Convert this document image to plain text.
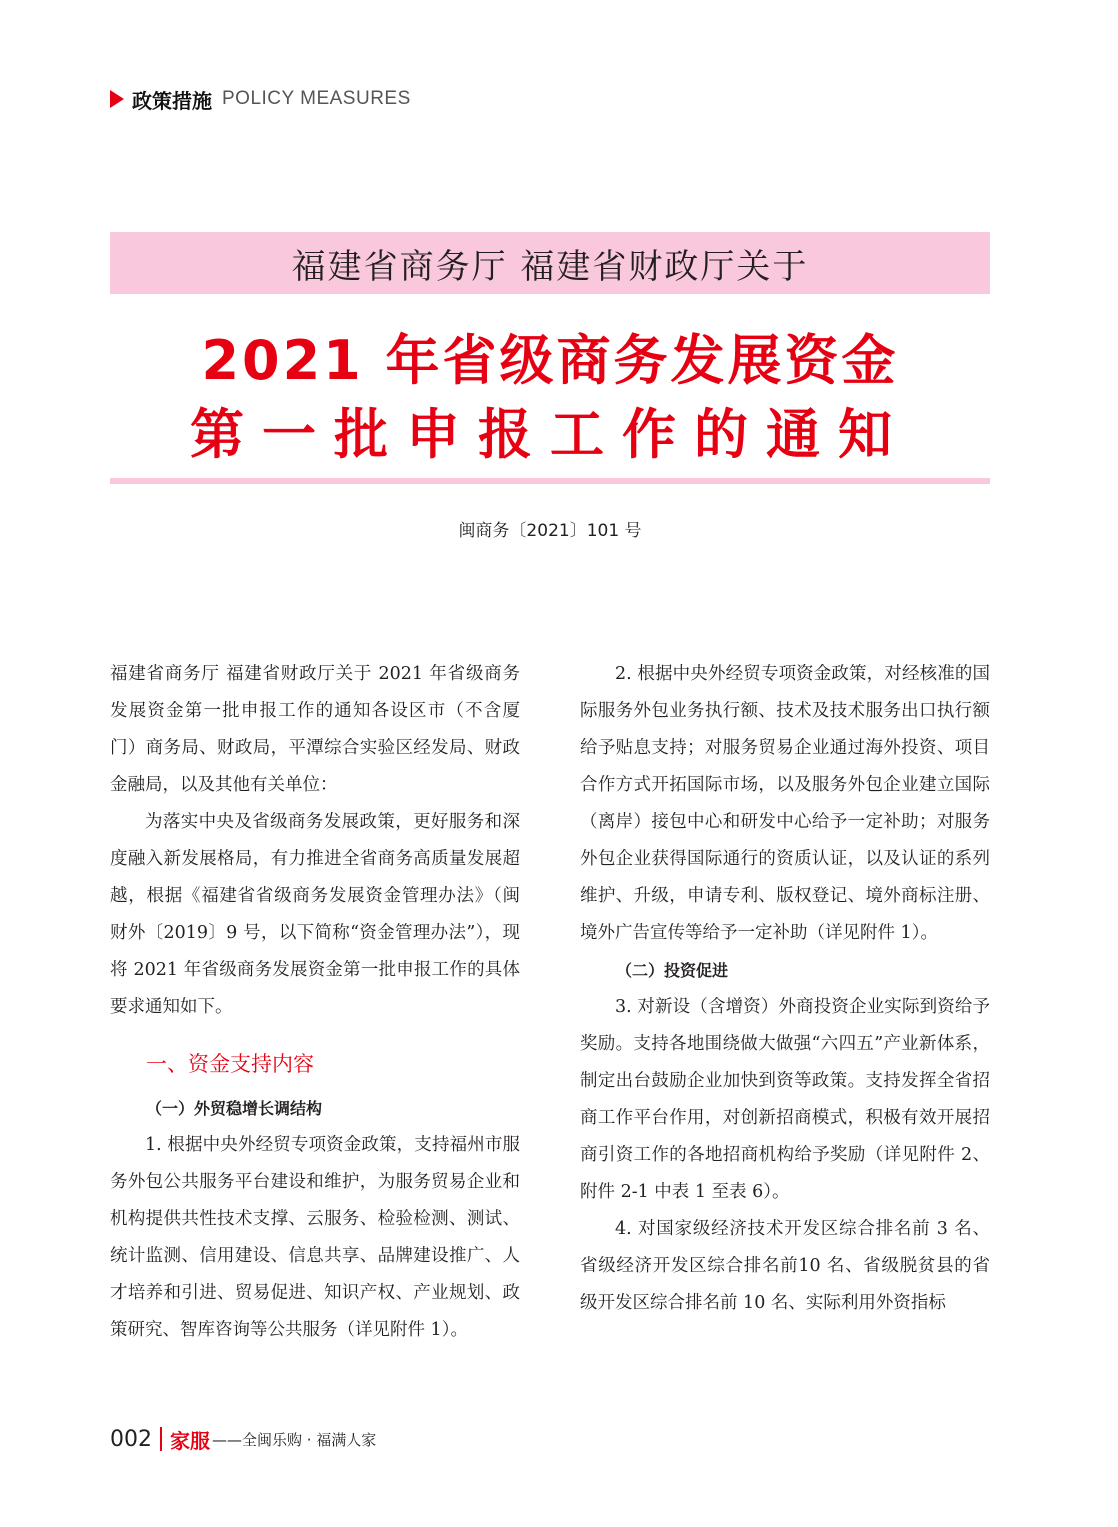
政策措施 POLICY MEASURES
福建省商务厅 福建省财政厅关于
2021 年省级商务发展资金
第一批申报工作的通知
闽商务〔2021〕101 号

福建省商务厅 福建省财政厅关于 2021 年省级商务发展资金第一批申报工作的通知各设区市（不含厦门）商务局、财政局，平潭综合实验区经发局、财政金融局，以及其他有关单位：

为落实中央及省级商务发展政策，更好服务和深度融入新发展格局，有力推进全省商务高质量发展超越，根据《福建省省级商务发展资金管理办法》（闽财外〔2019〕9 号，以下简称“资金管理办法”），现将 2021 年省级商务发展资金第一批申报工作的具体要求通知如下。

一、资金支持内容
（一）外贸稳增长调结构

1. 根据中央外经贸专项资金政策，支持福州市服务外包公共服务平台建设和维护，为服务贸易企业和机构提供共性技术支撑、云服务、检验检测、测试、统计监测、信用建设、信息共享、品牌建设推广、人才培养和引进、贸易促进、知识产权、产业规划、政策研究、智库咨询等公共服务（详见附件 1）。

2. 根据中央外经贸专项资金政策，对经核准的国际服务外包业务执行额、技术及技术服务出口执行额给予贴息支持；对服务贸易企业通过海外投资、项目合作方式开拓国际市场，以及服务外包企业建立国际（离岸）接包中心和研发中心给予一定补助；对服务外包企业获得国际通行的资质认证，以及认证的系列维护、升级，申请专利、版权登记、境外商标注册、境外广告宣传等给予一定补助（详见附件 1）。

（二）投资促进

3. 对新设（含增资）外商投资企业实际到资给予奖励。支持各地围绕做大做强“六四五”产业新体系，制定出台鼓励企业加快到资等政策。支持发挥全省招商工作平台作用，对创新招商模式，积极有效开展招商引资工作的各地招商机构给予奖励（详见附件 2、附件 2-1 中表 1 至表 6）。

4. 对国家级经济技术开发区综合排名前 3 名、省级经济开发区综合排名前10 名、省级脱贫县的省级开发区综合排名前 10 名、实际利用外资指标

002 家服 ——全闽乐购 · 福满人家
